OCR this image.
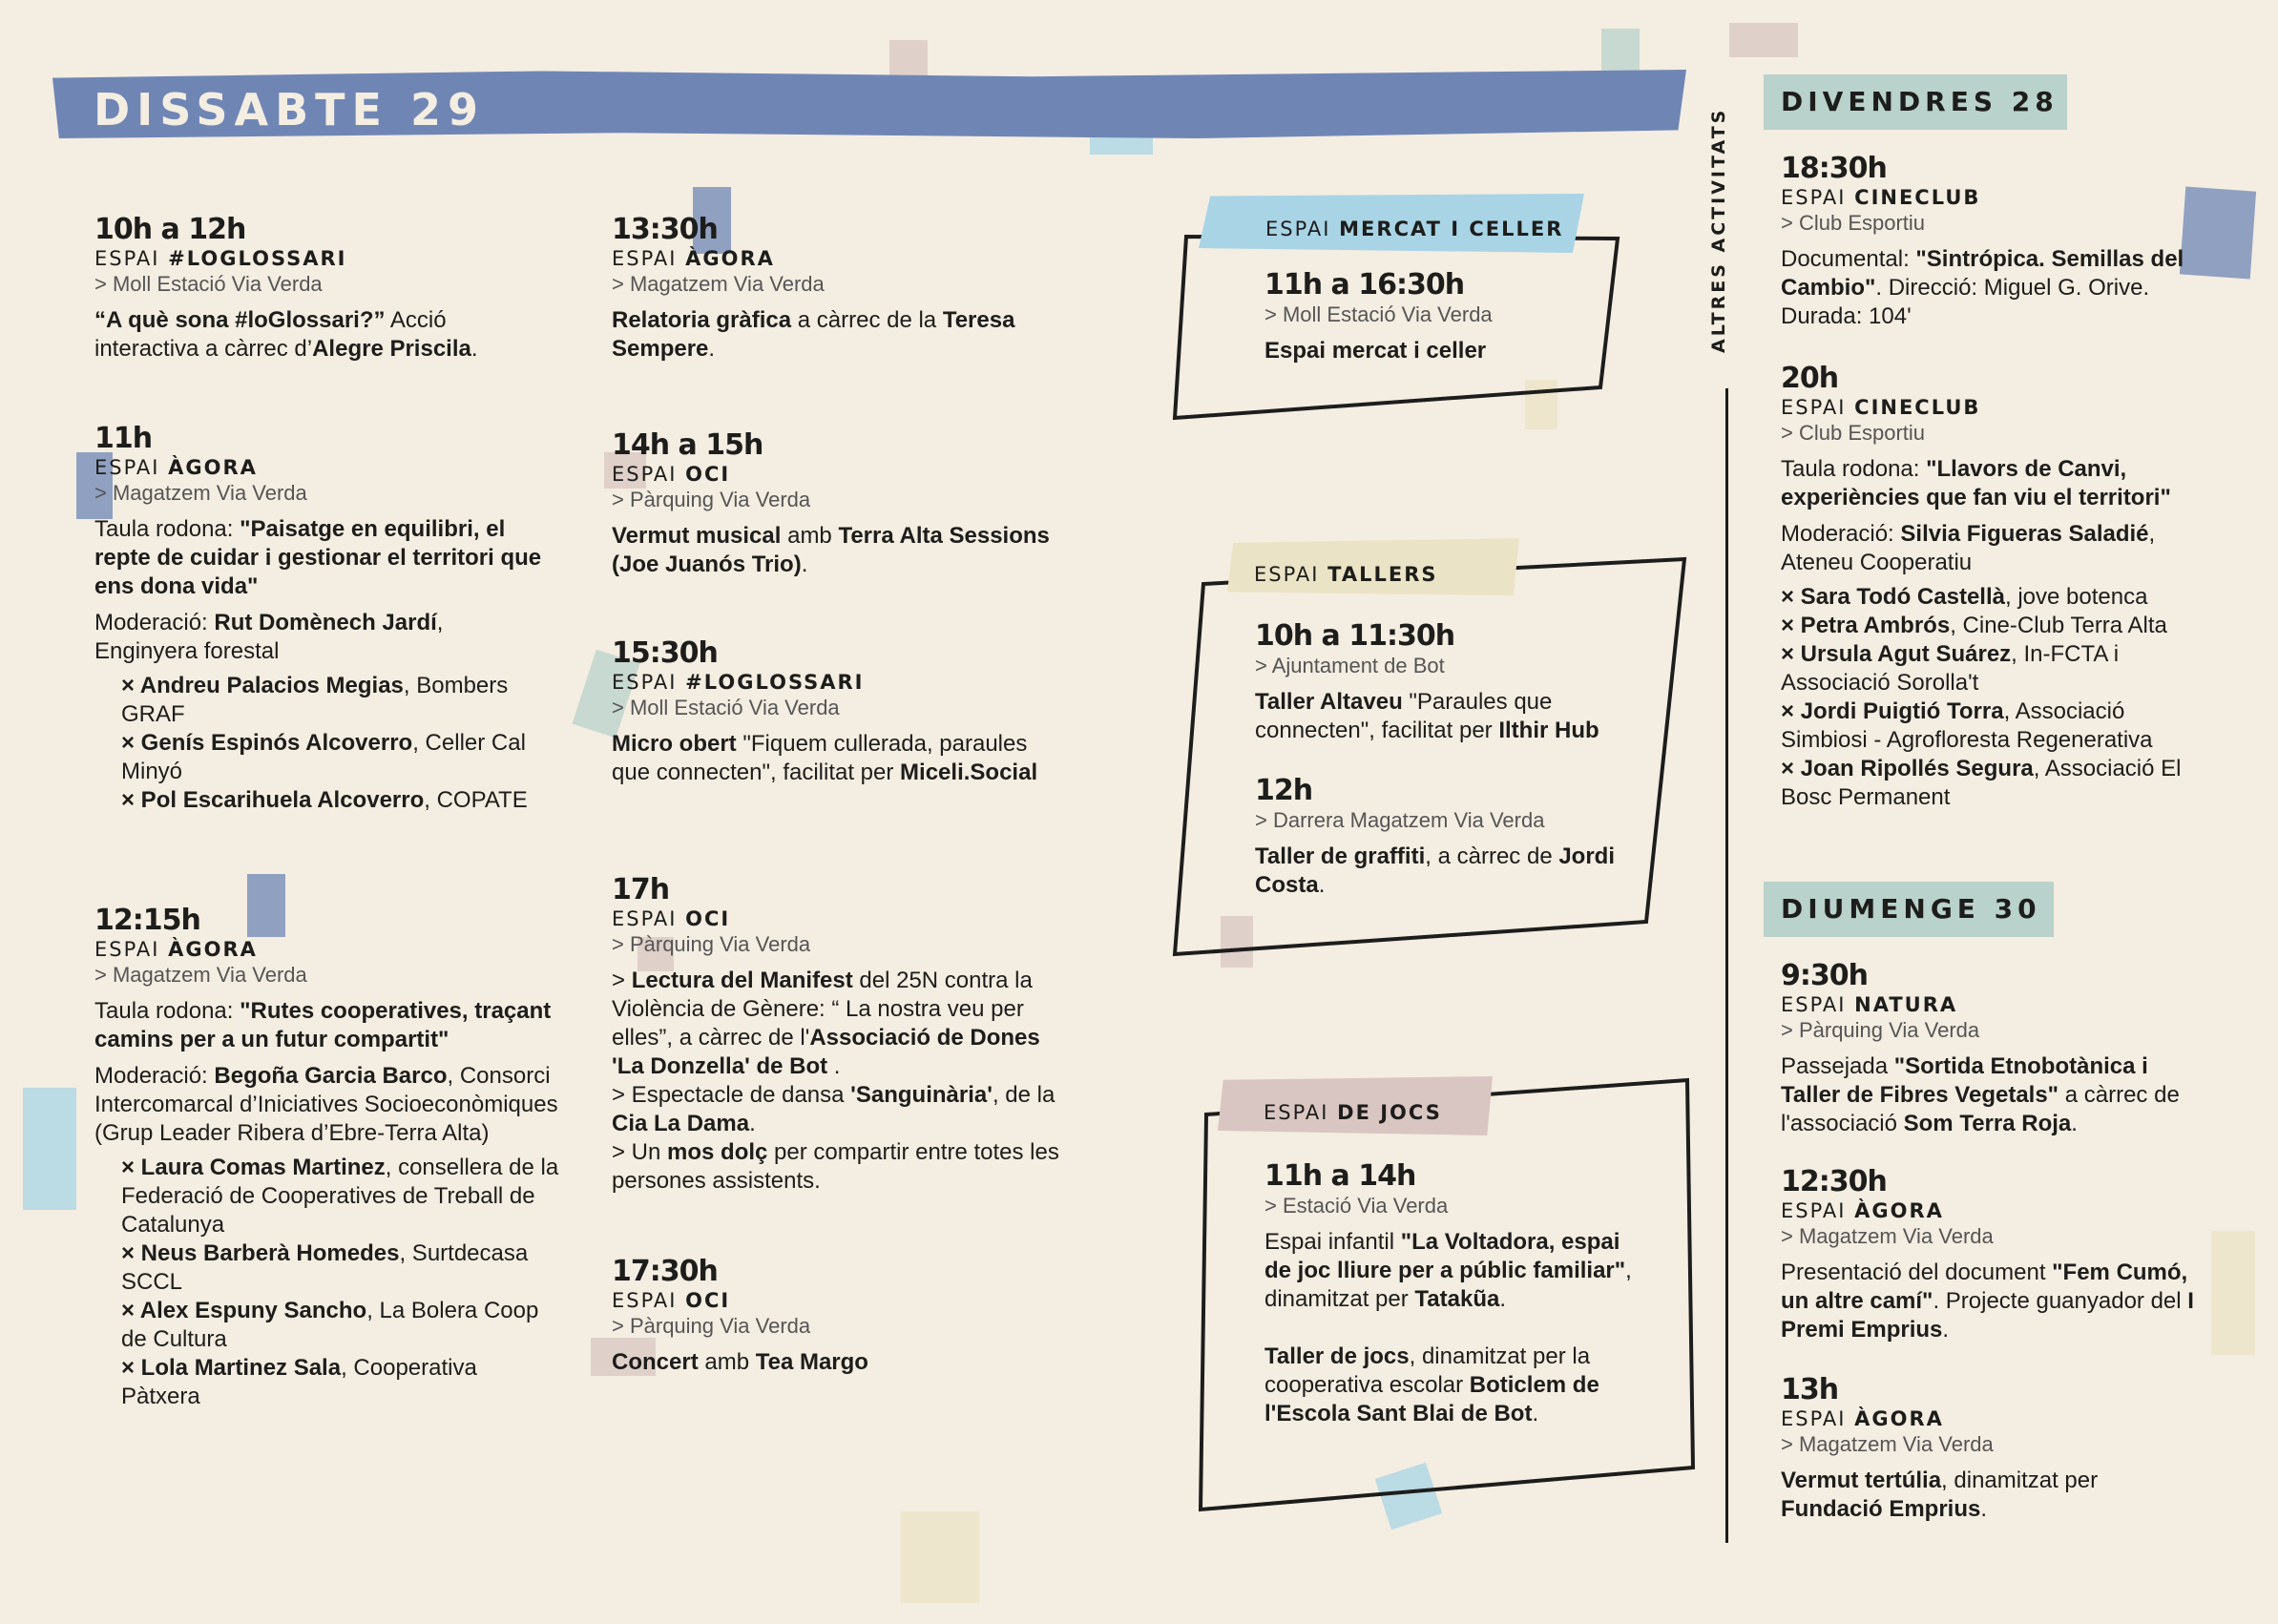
DISSABTE 29
10h a 12h
ESPAI #LOGLOSSARI
> Moll Estació Via Verda
“A què sona #loGlossari?” Acció interactiva a càrrec d’Alegre Priscila.
11h
ESPAI ÀGORA
> Magatzem Via Verda
Taula rodona: "Paisatge en equilibri, el repte de cuidar i gestionar el territori que ens dona vida"
Moderació: Rut Domènech Jardí, Enginyera forestal
× Andreu Palacios Megias, Bombers GRAF
× Genís Espinós Alcoverro, Celler Cal Minyó
× Pol Escarihuela Alcoverro, COPATE
12:15h
ESPAI ÀGORA
> Magatzem Via Verda
Taula rodona: "Rutes cooperatives, traçant camins per a un futur compartit"
Moderació: Begoña Garcia Barco, Consorci Intercomarcal d’Iniciatives Socioeconòmiques (Grup Leader Ribera d’Ebre-Terra Alta)
× Laura Comas Martinez, consellera de la Federació de Cooperatives de Treball de Catalunya
× Neus Barberà Homedes, Surtdecasa SCCL
× Alex Espuny Sancho, La Bolera Coop de Cultura
× Lola Martinez Sala, Cooperativa Pàtxera
13:30h
ESPAI ÀGORA
> Magatzem Via Verda
Relatoria gràfica a càrrec de la Teresa Sempere.
14h a 15h
ESPAI OCI
> Pàrquing Via Verda
Vermut musical amb Terra Alta Sessions (Joe Juanós Trio).
15:30h
ESPAI #LOGLOSSARI
> Moll Estació Via Verda
Micro obert "Fiquem cullerada, paraules que connecten", facilitat per Miceli.Social
17h
ESPAI OCI
> Pàrquing Via Verda
> Lectura del Manifest del 25N contra la Violència de Gènere: “ La nostra veu per elles”, a càrrec de l'Associació de Dones 'La Donzella' de Bot .
> Espectacle de dansa 'Sanguinària', de la Cia La Dama.
> Un mos dolç per compartir entre totes les persones assistents.
17:30h
ESPAI OCI
> Pàrquing Via Verda
Concert amb Tea Margo
ESPAI MERCAT I CELLER
11h a 16:30h
> Moll Estació Via Verda
Espai mercat i celler
ESPAI TALLERS
10h a 11:30h
> Ajuntament de Bot
Taller Altaveu "Paraules que connecten", facilitat per Ilthir Hub
12h
> Darrera Magatzem Via Verda
Taller de graffiti, a càrrec de Jordi Costa.
ESPAI DE JOCS
11h a 14h
> Estació Via Verda
Espai infantil "La Voltadora, espai de joc lliure per a públic familiar", dinamitzat per Tatakũa.
Taller de jocs, dinamitzat per la cooperativa escolar Boticlem de l'Escola Sant Blai de Bot.
ALTRES ACTIVITATS
DIVENDRES 28
18:30h
ESPAI CINECLUB
> Club Esportiu
Documental: "Sintrópica. Semillas del Cambio". Direcció: Miguel G. Orive. Durada: 104'
20h
ESPAI CINECLUB
> Club Esportiu
Taula rodona: "Llavors de Canvi, experiències que fan viu el territori"
Moderació: Silvia Figueras Saladié, Ateneu Cooperatiu
× Sara Todó Castellà, jove botenca
× Petra Ambrós, Cine-Club Terra Alta
× Ursula Agut Suárez, In-FCTA i Associació Sorolla't
× Jordi Puigtió Torra, Associació Simbiosi - Agrofloresta Regenerativa
× Joan Ripollés Segura, Associació El Bosc Permanent
DIUMENGE 30
9:30h
ESPAI NATURA
> Pàrquing Via Verda
Passejada "Sortida Etnobotànica i Taller de Fibres Vegetals" a càrrec de l'associació Som Terra Roja.
12:30h
ESPAI ÀGORA
> Magatzem Via Verda
Presentació del document "Fem Cumó, un altre camí". Projecte guanyador del I Premi Emprius.
13h
ESPAI ÀGORA
> Magatzem Via Verda
Vermut tertúlia, dinamitzat per Fundació Emprius.
